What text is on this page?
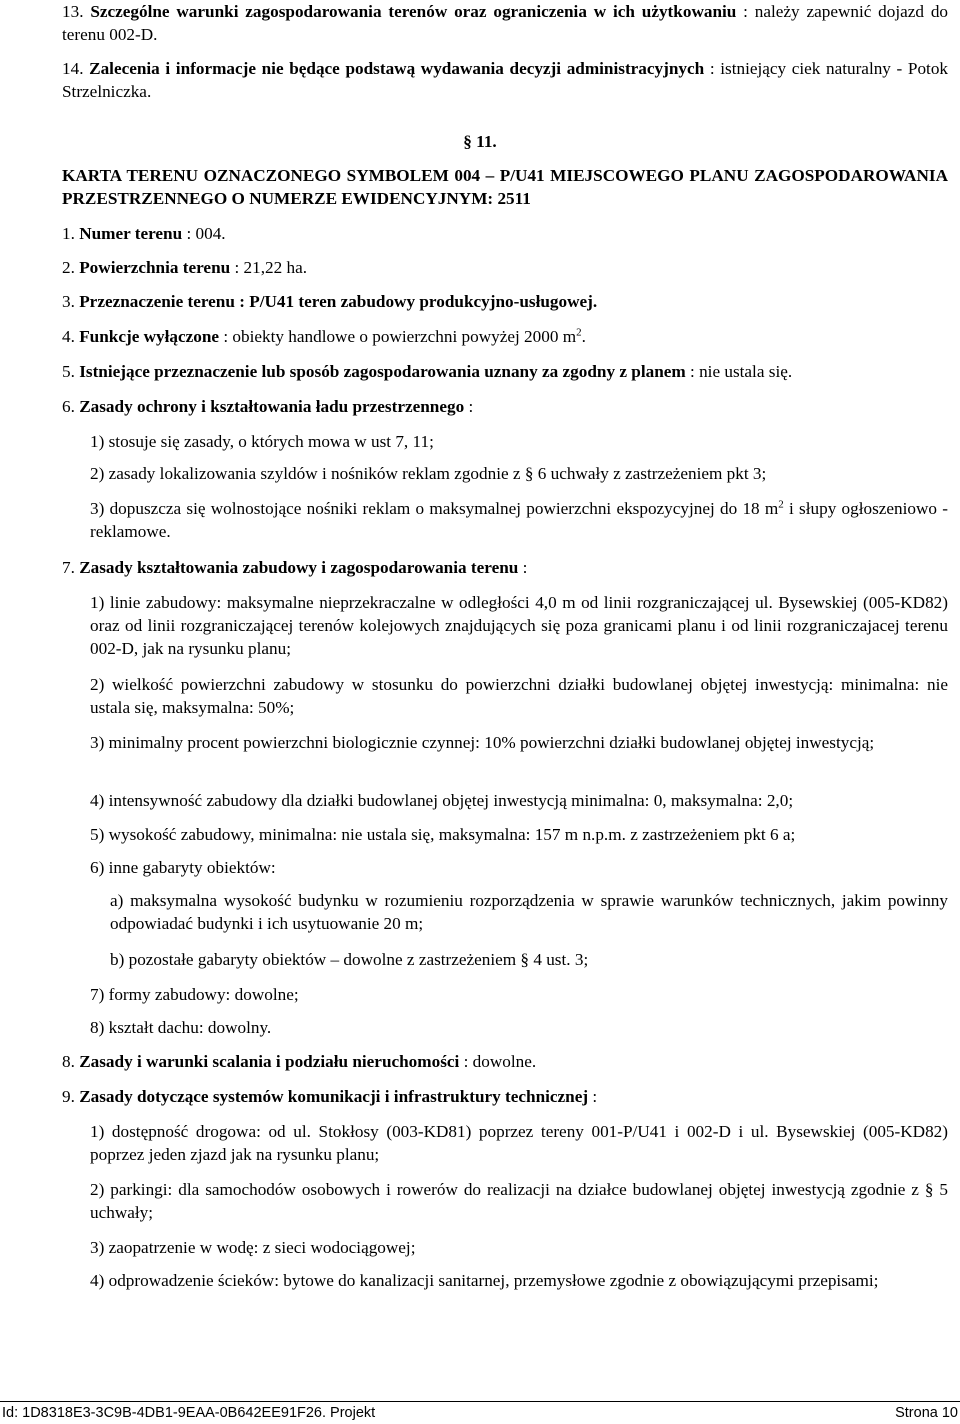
13. Szczególne warunki zagospodarowania terenów oraz ograniczenia w ich użytkowaniu : należy zapewnić dojazd do terenu 002-D.

14. Zalecenia i informacje nie będące podstawą wydawania decyzji administracyjnych : istniejący ciek naturalny - Potok Strzelniczka.

§ 11.
KARTA TERENU OZNACZONEGO SYMBOLEM 004 – P/U41 MIEJSCOWEGO PLANU ZAGOSPODAROWANIA PRZESTRZENNEGO O NUMERZE EWIDENCYJNYM: 2511

1. Numer terenu : 004.

2. Powierzchnia terenu : 21,22 ha.

3. Przeznaczenie terenu : P/U41 teren zabudowy produkcyjno-usługowej.

4. Funkcje wyłączone : obiekty handlowe o powierzchni powyżej 2000 $m^2$.

5. Istniejące przeznaczenie lub sposób zagospodarowania uznany za zgodny z planem : nie ustala się.

6. Zasady ochrony i kształtowania ładu przestrzennego :

1) stosuje się zasady, o których mowa w ust 7, 11;

2) zasady lokalizowania szyldów i nośników reklam zgodnie z § 6 uchwały z zastrzeżeniem pkt 3;

3) dopuszcza się wolnostojące nośniki reklam o maksymalnej powierzchni ekspozycyjnej do 18 $m^2$ i słupy ogłoszeniowo - reklamowe.

7. Zasady kształtowania zabudowy i zagospodarowania terenu :

1) linie zabudowy: maksymalne nieprzekraczalne w odległości 4,0 m od linii rozgraniczającej ul. Bysewskiej (005-KD82) oraz od linii rozgraniczającej terenów kolejowych znajdujących się poza granicami planu i od linii rozgraniczajacej terenu 002-D, jak na rysunku planu;

2) wielkość powierzchni zabudowy w stosunku do powierzchni działki budowlanej objętej inwestycją: minimalna: nie ustala się, maksymalna: 50%;

3) minimalny procent powierzchni biologicznie czynnej: 10% powierzchni działki budowlanej objętej inwestycją;

4) intensywność zabudowy dla działki budowlanej objętej inwestycją minimalna: 0, maksymalna: 2,0;

5) wysokość zabudowy, minimalna: nie ustala się, maksymalna: 157 m n.p.m. z zastrzeżeniem pkt 6 a;

6) inne gabaryty obiektów:

a) maksymalna wysokość budynku w rozumieniu rozporządzenia w sprawie warunków technicznych, jakim powinny odpowiadać budynki i ich usytuowanie 20 m;

b) pozostałe gabaryty obiektów – dowolne z zastrzeżeniem § 4 ust. 3;

7) formy zabudowy: dowolne;

8) kształt dachu: dowolny.

8. Zasady i warunki scalania i podziału nieruchomości : dowolne.

9. Zasady dotyczące systemów komunikacji i infrastruktury technicznej :

1) dostępność drogowa: od ul. Stokłosy (003-KD81) poprzez tereny 001-P/U41 i 002-D i ul. Bysewskiej (005-KD82) poprzez jeden zjazd jak na rysunku planu;

2) parkingi: dla samochodów osobowych i rowerów do realizacji na działce budowlanej objętej inwestycją zgodnie z § 5 uchwały;

3) zaopatrzenie w wodę: z sieci wodociągowej;

4) odprowadzenie ścieków: bytowe do kanalizacji sanitarnej, przemysłowe zgodnie z obowiązującymi przepisami;

Id: 1D8318E3-3C9B-4DB1-9EAA-0B642EE91F26. Projekt	Strona 10
